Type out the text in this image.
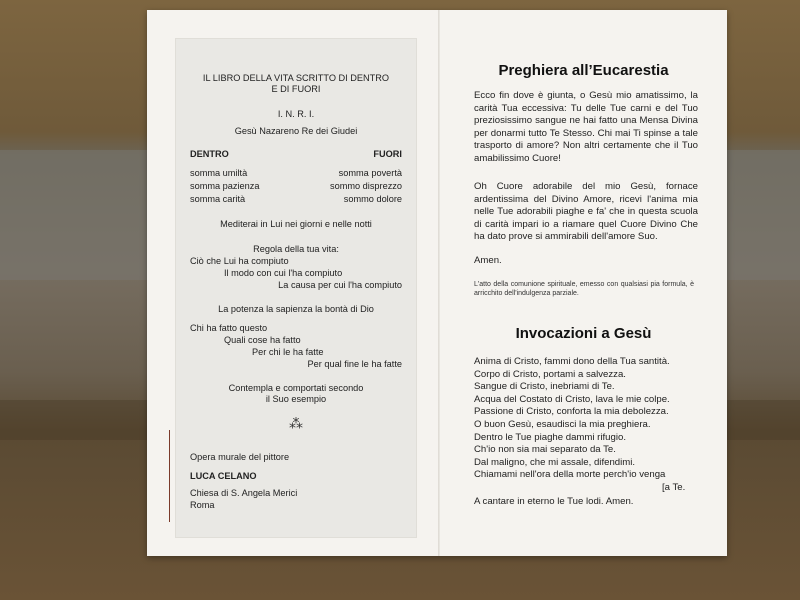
IL LIBRO DELLA VITA SCRITTO DI DENTRO
E DI FUORI
I. N. R. I.
Gesù Nazareno Re dei Giudei
DENTRO	FUORI
somma umiltà
somma pazienza
somma carità
somma povertà
sommo disprezzo
sommo dolore
Mediterai in Lui nei giorni e nelle notti
Regola della tua vita:
Ciò che Lui ha compiuto
Il modo con cui l'ha compiuto
La causa per cui l'ha compiuto
La potenza la sapienza la bontà di Dio
Chi ha fatto questo
Quali cose ha fatto
Per chi le ha fatte
Per qual fine le ha fatte
Contempla e comportati secondo
il Suo esempio
⁂
Opera murale del pittore
LUCA CELANO
Chiesa di S. Angela Merici
Roma
Preghiera all’Eucarestia
Ecco fin dove è giunta, o Gesù mio amatissimo, la carità Tua eccessiva: Tu delle Tue carni e del Tuo preziosissimo sangue ne hai fatto una Mensa Divina per donarmi tutto Te Stesso. Chi mai Ti spinse a tale trasporto di amore? Non altri certamente che il Tuo amabilissimo Cuore!
Oh Cuore adorabile del mio Gesù, fornace ardentissima del Divino Amore, ricevi l'anima mia nelle Tue adorabili piaghe e fa' che in questa scuola di carità impari io a riamare quel Cuore Divino Che ha dato prove si ammirabili dell'amore Suo.
Amen.
L'atto della comunione spirituale, emesso con qualsiasi pia formula, è arricchito dell'indulgenza parziale.
Invocazioni a Gesù
Anima di Cristo, fammi dono della Tua santità.
Corpo di Cristo, portami a salvezza.
Sangue di Cristo, inebriami di Te.
Acqua del Costato di Cristo, lava le mie colpe.
Passione di Cristo, conforta la mia debolezza.
O buon Gesù, esaudisci la mia preghiera.
Dentro le Tue piaghe dammi rifugio.
Ch'io non sia mai separato da Te.
Dal maligno, che mi assale, difendimi.
Chiamami nell'ora della morte perch'io venga
[a Te.
A cantare in eterno le Tue lodi. Amen.
